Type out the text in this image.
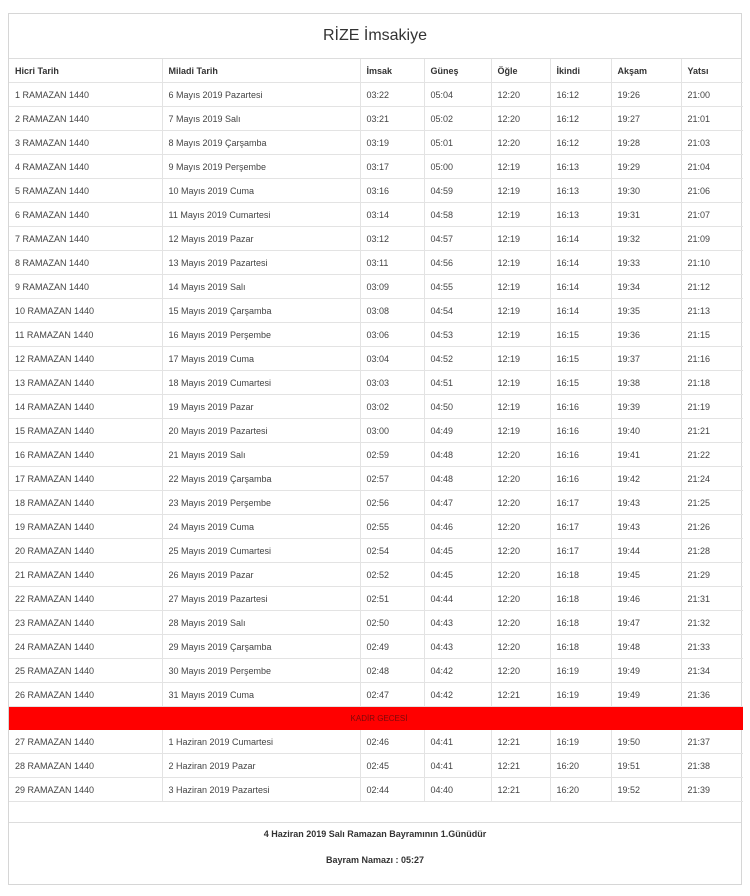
RİZE İmsakiye
Hicri Tarih	Miladi Tarih	İmsak	Güneş	Öğle	İkindi	Akşam	Yatsı
1 RAMAZAN 1440	6 Mayıs 2019 Pazartesi	03:22	05:04	12:20	16:12	19:26	21:00
2 RAMAZAN 1440	7 Mayıs 2019 Salı	03:21	05:02	12:20	16:12	19:27	21:01
3 RAMAZAN 1440	8 Mayıs 2019 Çarşamba	03:19	05:01	12:20	16:12	19:28	21:03
4 RAMAZAN 1440	9 Mayıs 2019 Perşembe	03:17	05:00	12:19	16:13	19:29	21:04
5 RAMAZAN 1440	10 Mayıs 2019 Cuma	03:16	04:59	12:19	16:13	19:30	21:06
6 RAMAZAN 1440	11 Mayıs 2019 Cumartesi	03:14	04:58	12:19	16:13	19:31	21:07
7 RAMAZAN 1440	12 Mayıs 2019 Pazar	03:12	04:57	12:19	16:14	19:32	21:09
8 RAMAZAN 1440	13 Mayıs 2019 Pazartesi	03:11	04:56	12:19	16:14	19:33	21:10
9 RAMAZAN 1440	14 Mayıs 2019 Salı	03:09	04:55	12:19	16:14	19:34	21:12
10 RAMAZAN 1440	15 Mayıs 2019 Çarşamba	03:08	04:54	12:19	16:14	19:35	21:13
11 RAMAZAN 1440	16 Mayıs 2019 Perşembe	03:06	04:53	12:19	16:15	19:36	21:15
12 RAMAZAN 1440	17 Mayıs 2019 Cuma	03:04	04:52	12:19	16:15	19:37	21:16
13 RAMAZAN 1440	18 Mayıs 2019 Cumartesi	03:03	04:51	12:19	16:15	19:38	21:18
14 RAMAZAN 1440	19 Mayıs 2019 Pazar	03:02	04:50	12:19	16:16	19:39	21:19
15 RAMAZAN 1440	20 Mayıs 2019 Pazartesi	03:00	04:49	12:19	16:16	19:40	21:21
16 RAMAZAN 1440	21 Mayıs 2019 Salı	02:59	04:48	12:20	16:16	19:41	21:22
17 RAMAZAN 1440	22 Mayıs 2019 Çarşamba	02:57	04:48	12:20	16:16	19:42	21:24
18 RAMAZAN 1440	23 Mayıs 2019 Perşembe	02:56	04:47	12:20	16:17	19:43	21:25
19 RAMAZAN 1440	24 Mayıs 2019 Cuma	02:55	04:46	12:20	16:17	19:43	21:26
20 RAMAZAN 1440	25 Mayıs 2019 Cumartesi	02:54	04:45	12:20	16:17	19:44	21:28
21 RAMAZAN 1440	26 Mayıs 2019 Pazar	02:52	04:45	12:20	16:18	19:45	21:29
22 RAMAZAN 1440	27 Mayıs 2019 Pazartesi	02:51	04:44	12:20	16:18	19:46	21:31
23 RAMAZAN 1440	28 Mayıs 2019 Salı	02:50	04:43	12:20	16:18	19:47	21:32
24 RAMAZAN 1440	29 Mayıs 2019 Çarşamba	02:49	04:43	12:20	16:18	19:48	21:33
25 RAMAZAN 1440	30 Mayıs 2019 Perşembe	02:48	04:42	12:20	16:19	19:49	21:34
26 RAMAZAN 1440	31 Mayıs 2019 Cuma	02:47	04:42	12:21	16:19	19:49	21:36
KADİR GECESİ							
27 RAMAZAN 1440	1 Haziran 2019 Cumartesi	02:46	04:41	12:21	16:19	19:50	21:37
28 RAMAZAN 1440	2 Haziran 2019 Pazar	02:45	04:41	12:21	16:20	19:51	21:38
29 RAMAZAN 1440	3 Haziran 2019 Pazartesi	02:44	04:40	12:21	16:20	19:52	21:39
4 Haziran 2019 Salı Ramazan Bayramının 1.Günüdür
Bayram Namazı : 05:27
